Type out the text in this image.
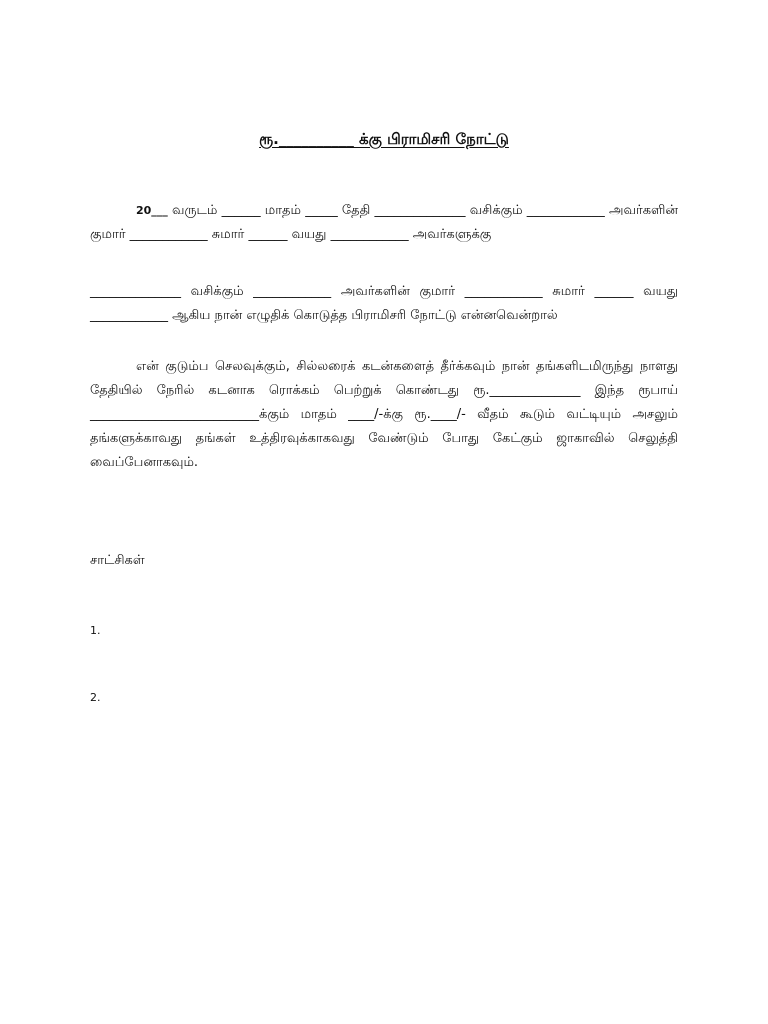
ரூ.__________ க்கு பிராமிசரி நோட்டு
20___ வருடம் ______ மாதம் _____ தேதி ______________ வசிக்கும் ____________ அவர்களின் குமார் ____________ சுமார் ______ வயது ____________ அவர்களுக்கு
______________ வசிக்கும் ____________ அவர்களின் குமார் ____________ சுமார் ______ வயது ____________ ஆகிய நான் எழுதிக் கொடுத்த பிராமிசரி நோட்டு என்னவென்றால்
என் குடும்ப செலவுக்கும், சில்லரைக் கடன்களைத் தீர்க்கவும் நான் தங்களிடமிருந்து நாளது தேதியில் நேரில் கடனாக ரொக்கம் பெற்றுக் கொண்டது ரூ.______________ இந்த ரூபாய் __________________________க்கும் மாதம் ____/-க்கு ரூ.____/- வீதம் கூடும் வட்டியும் அசலும் தங்களுக்காவது தங்கள் உத்திரவுக்காகவது வேண்டும் போது கேட்கும் ஜாகாவில் செலுத்தி வைப்பேனாகவும்.
சாட்சிகள்
1.
2.
